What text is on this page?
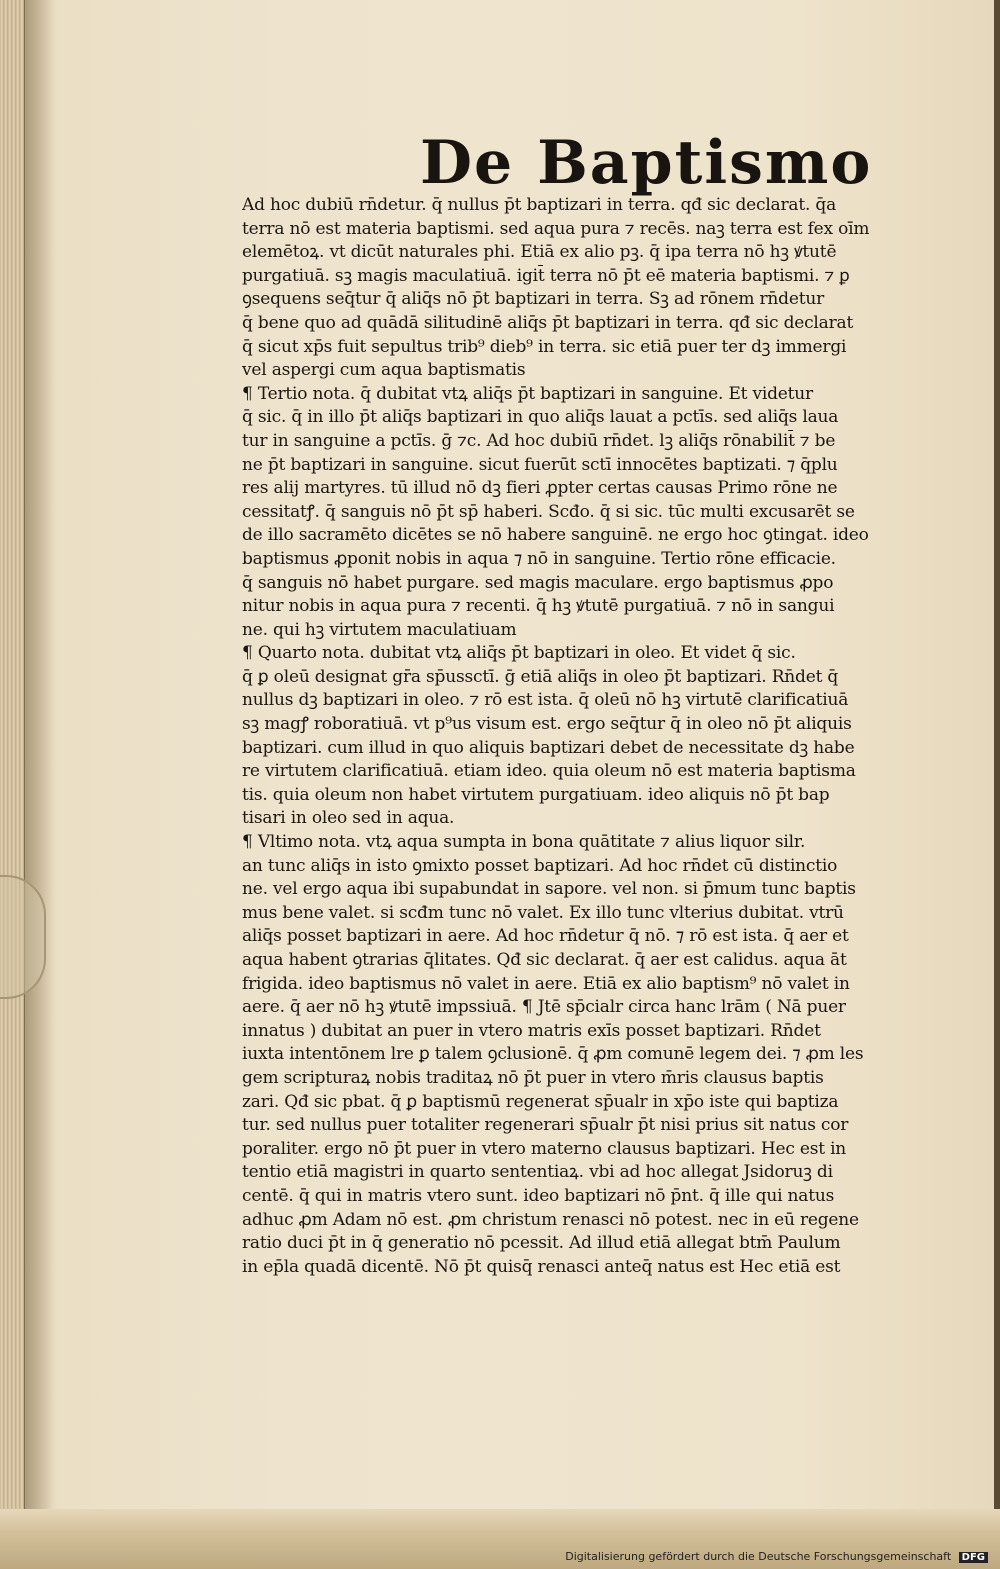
De Baptismo
Ad hoc dubiū rn̄detur. q̄ nullus p̄t baptizari in terra. qđ sic declarat. q̄a
terra nō est materia baptismi. sed aqua pura ⁊ recēs. naꝫ terra est fex oīm
elemētoꝝ. vt dicūt naturales phi. Etiā ex alio pꝫ. q̄ ipa terra nō hꝫ ꝟtutē
purgatiuā. sꝫ magis maculatiuā. igit̄ terra nō p̄t eē materia baptismi. ⁊ ꝑ
ꝯsequens seq̄tur q̄ aliq̄s nō p̄t baptizari in terra. Sꝫ ad rōnem rn̄detur
q̄ bene quo ad quādā silitudinē aliq̄s p̄t baptizari in terra. qđ sic declarat
q̄ sicut xp̄s fuit sepultus trib⁹ dieb⁹ in terra. sic etiā puer ter dꝫ immergi
vel aspergi cum aqua baptismatis
¶ Tertio nota. q̄ dubitat vtꝝ aliq̄s p̄t baptizari in sanguine. Et videtur
q̄ sic. q̄ in illo p̄t aliq̄s baptizari in quo aliq̄s lauat a pctīs. sed aliq̄s laua
tur in sanguine a pctīs. ḡ ⁊c. Ad hoc dubiū rn̄det. lꝫ aliq̄s rōnabilit̄ ⁊ be
ne p̄t baptizari in sanguine. sicut fuerūt sctī innocētes baptizati. ⁊ q̄plu
res alij martyres. tū illud nō dꝫ fieri ꝓpter certas causas Primo rōne ne
cessitatꝭ. q̄ sanguis nō p̄t sp̄ haberi. Scđo. q̄ si sic. tūc multi excusarēt se
de illo sacramēto dicētes se nō habere sanguinē. ne ergo hoc ꝯtingat. ideo
baptismus ꝓponit nobis in aqua ⁊ nō in sanguine. Tertio rōne efficacie.
q̄ sanguis nō habet purgare. sed magis maculare. ergo baptismus ꝓpo
nitur nobis in aqua pura ⁊ recenti. q̄ hꝫ ꝟtutē purgatiuā. ⁊ nō in sangui
ne. qui hꝫ virtutem maculatiuam
¶ Quarto nota. dubitat vtꝝ aliq̄s p̄t baptizari in oleo. Et videt q̄ sic.
q̄ ꝑ oleū designat gr̄a sp̄ussctī. ḡ etiā aliq̄s in oleo p̄t baptizari. Rn̄det q̄
nullus dꝫ baptizari in oleo. ⁊ rō est ista. q̄ oleū nō hꝫ virtutē clarificatiuā
sꝫ magꝭ roboratiuā. vt p⁹us visum est. ergo seq̄tur q̄ in oleo nō p̄t aliquis
baptizari. cum illud in quo aliquis baptizari debet de necessitate dꝫ habe
re virtutem clarificatiuā. etiam ideo. quia oleum nō est materia baptisma
tis. quia oleum non habet virtutem purgatiuam. ideo aliquis nō p̄t bap
tisari in oleo sed in aqua.
¶ Vltimo nota. vtꝝ aqua sumpta in bona quātitate ⁊ alius liquor silr.
an tunc aliq̄s in isto ꝯmixto posset baptizari. Ad hoc rn̄det cū distinctio
ne. vel ergo aqua ibi supabundat in sapore. vel non. si p̄mum tunc baptis
mus bene valet. si scđm tunc nō valet. Ex illo tunc vlterius dubitat. vtrū
aliq̄s posset baptizari in aere. Ad hoc rn̄detur q̄ nō. ⁊ rō est ista. q̄ aer et
aqua habent ꝯtrarias q̄litates. Qđ sic declarat. q̄ aer est calidus. aqua āt
frigida. ideo baptismus nō valet in aere. Etiā ex alio baptism⁹ nō valet in
aere. q̄ aer nō hꝫ ꝟtutē impssiuā. ¶ Jtē sp̄cialr circa hanc lrām ( Nā puer
innatus ) dubitat an puer in vtero matris exīs posset baptizari. Rn̄det
iuxta intentōnem lre ꝑ talem ꝯclusionē. q̄ ꝓm comunē legem dei. ⁊ ꝓm les
gem scripturaꝝ nobis traditaꝝ nō p̄t puer in vtero m̄ris clausus baptis
zari. Qđ sic pbat. q̄ ꝑ baptismū regenerat sp̄ualr in xp̄o iste qui baptiza
tur. sed nullus puer totaliter regenerari sp̄ualr p̄t nisi prius sit natus cor
poraliter. ergo nō p̄t puer in vtero materno clausus baptizari. Hec est in
tentio etiā magistri in quarto sententiaꝝ. vbi ad hoc allegat Jsidoruꝫ di
centē. q̄ qui in matris vtero sunt. ideo baptizari nō p̄nt. q̄ ille qui natus
adhuc ꝓm Adam nō est. ꝓm christum renasci nō potest. nec in eū regene
ratio duci p̄t in q̄ generatio nō pcessit. Ad illud etiā allegat btm̄ Paulum
in ep̄la quadā dicentē. Nō p̄t quisq̄ renasci anteq̄ natus est Hec etiā est
Digitalisierung gefördert durch die Deutsche Forschungsgemeinschaft DFG
